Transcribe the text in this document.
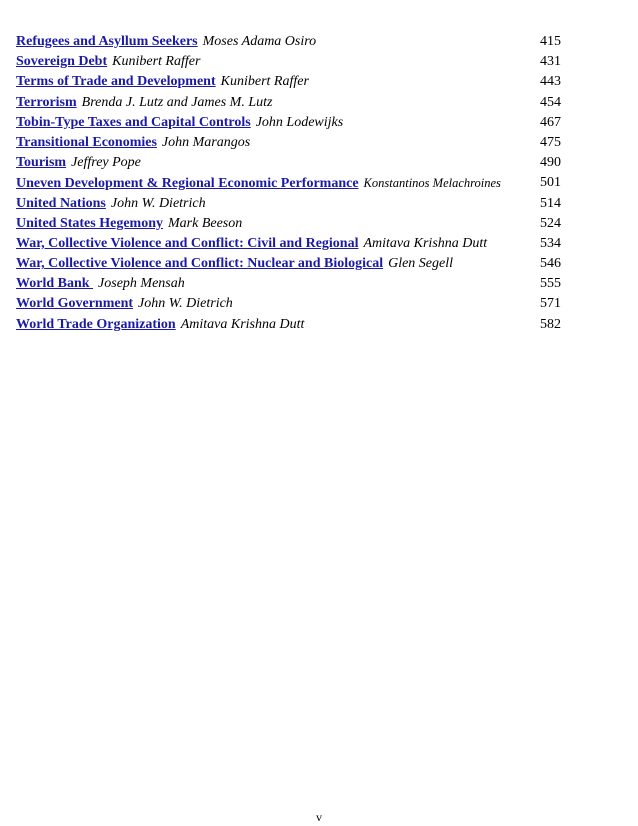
Refugees and Asyllum Seekers Moses Adama Osiro	415
Sovereign Debt Kunibert Raffer	431
Terms of Trade and Development Kunibert Raffer	443
Terrorism Brenda J. Lutz and James M. Lutz	454
Tobin-Type Taxes and Capital Controls John Lodewijks	467
Transitional Economies John Marangos	475
Tourism Jeffrey Pope	490
Uneven Development & Regional Economic Performance Konstantinos Melachroines	501
United Nations John W. Dietrich	514
United States Hegemony Mark Beeson	524
War, Collective Violence and Conflict: Civil and Regional Amitava Krishna Dutt	534
War, Collective Violence and Conflict: Nuclear and Biological Glen Segell	546
World Bank Joseph Mensah	555
World Government John W. Dietrich	571
World Trade Organization Amitava Krishna Dutt	582
v
